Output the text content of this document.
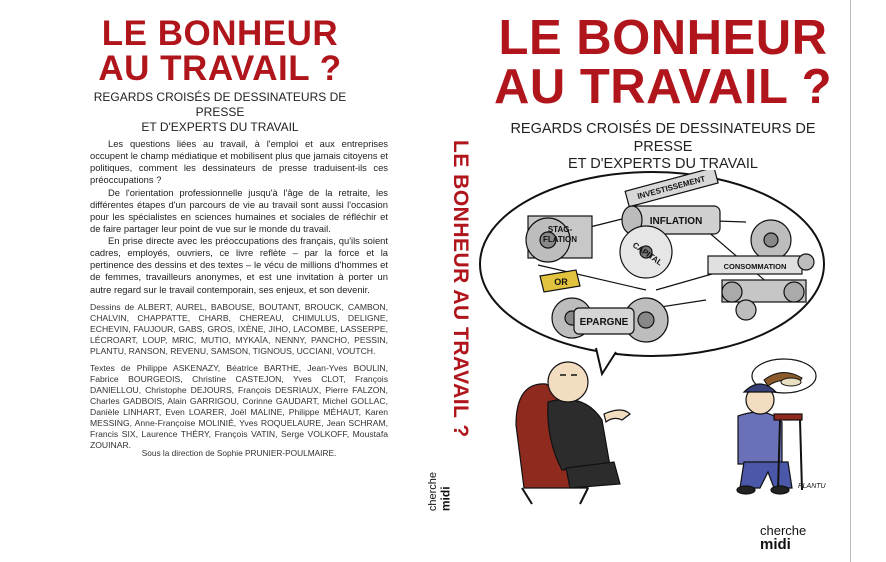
LE BONHEUR
AU TRAVAIL ?
REGARDS CROISÉS DE DESSINATEURS DE PRESSE
ET D'EXPERTS DU TRAVAIL

Les questions liées au travail, à l'emploi et aux entreprises occupent le champ médiatique et mobilisent plus que jamais citoyens et politiques, comment les dessinateurs de presse traduisent-ils ces préoccupations ?

De l'orientation professionnelle jusqu'à l'âge de la retraite, les différentes étapes d'un parcours de vie au travail sont aussi l'occasion pour les spécialistes en sciences humaines et sociales de réfléchir et de faire partager leur point de vue sur le monde du travail.

En prise directe avec les préoccupations des français, qu'ils soient cadres, employés, ouvriers, ce livre reflète – par la force et la pertinence des dessins et des textes – le vécu de millions d'hommes et de femmes, travailleurs anonymes, et est une invitation à porter un autre regard sur le travail contemporain, ses enjeux, et son devenir.

Dessins de ALBERT, AUREL, BABOUSE, BOUTANT, BROUCK, CAMBON, CHALVIN, CHAPPATTE, CHARB, CHEREAU, CHIMULUS, DELIGNE, ECHEVIN, FAUJOUR, GABS, GROS, IXÈNE, JIHO, LACOMBE, LASSERPE, LÉCROART, LOUP, MRIC, MUTIO, MYKAÏA, NENNY, PANCHO, PESSIN, PLANTU, RANSON, REVENU, SAMSON, TIGNOUS, UCCIANI, VOUTCH.

Textes de Philippe ASKENAZY, Béatrice BARTHE, Jean-Yves BOULIN, Fabrice BOURGEOIS, Christine CASTEJON, Yves CLOT, François DANIELLOU, Christophe DEJOURS, François DESRIAUX, Pierre FALZON, Charles GADBOIS, Alain GARRIGOU, Corinne GAUDART, Michel GOLLAC, Danièle LINHART, Even LOARER, Joël MALINE, Philippe MÉHAUT, Karen MESSING, Anne-Françoise MOLINIÉ, Yves ROQUELAURE, Jean SCHRAM, Francis SIX, Laurence THÉRY, François VATIN, Serge VOLKOFF, Moustafa ZOUINAR.

Sous la direction de Sophie PRUNIER-POULMAIRE.
LE BONHEUR AU TRAVAIL ?
cherche
midi
LE BONHEUR
AU TRAVAIL ?
REGARDS CROISÉS DE DESSINATEURS DE PRESSE
ET D'EXPERTS DU TRAVAIL
INVESTISSEMENT
INFLATION
STAG-
FLATION
CAPITAL
OR
CONSOMMATION
EPARGNE
PLANTU
cherche
midi
